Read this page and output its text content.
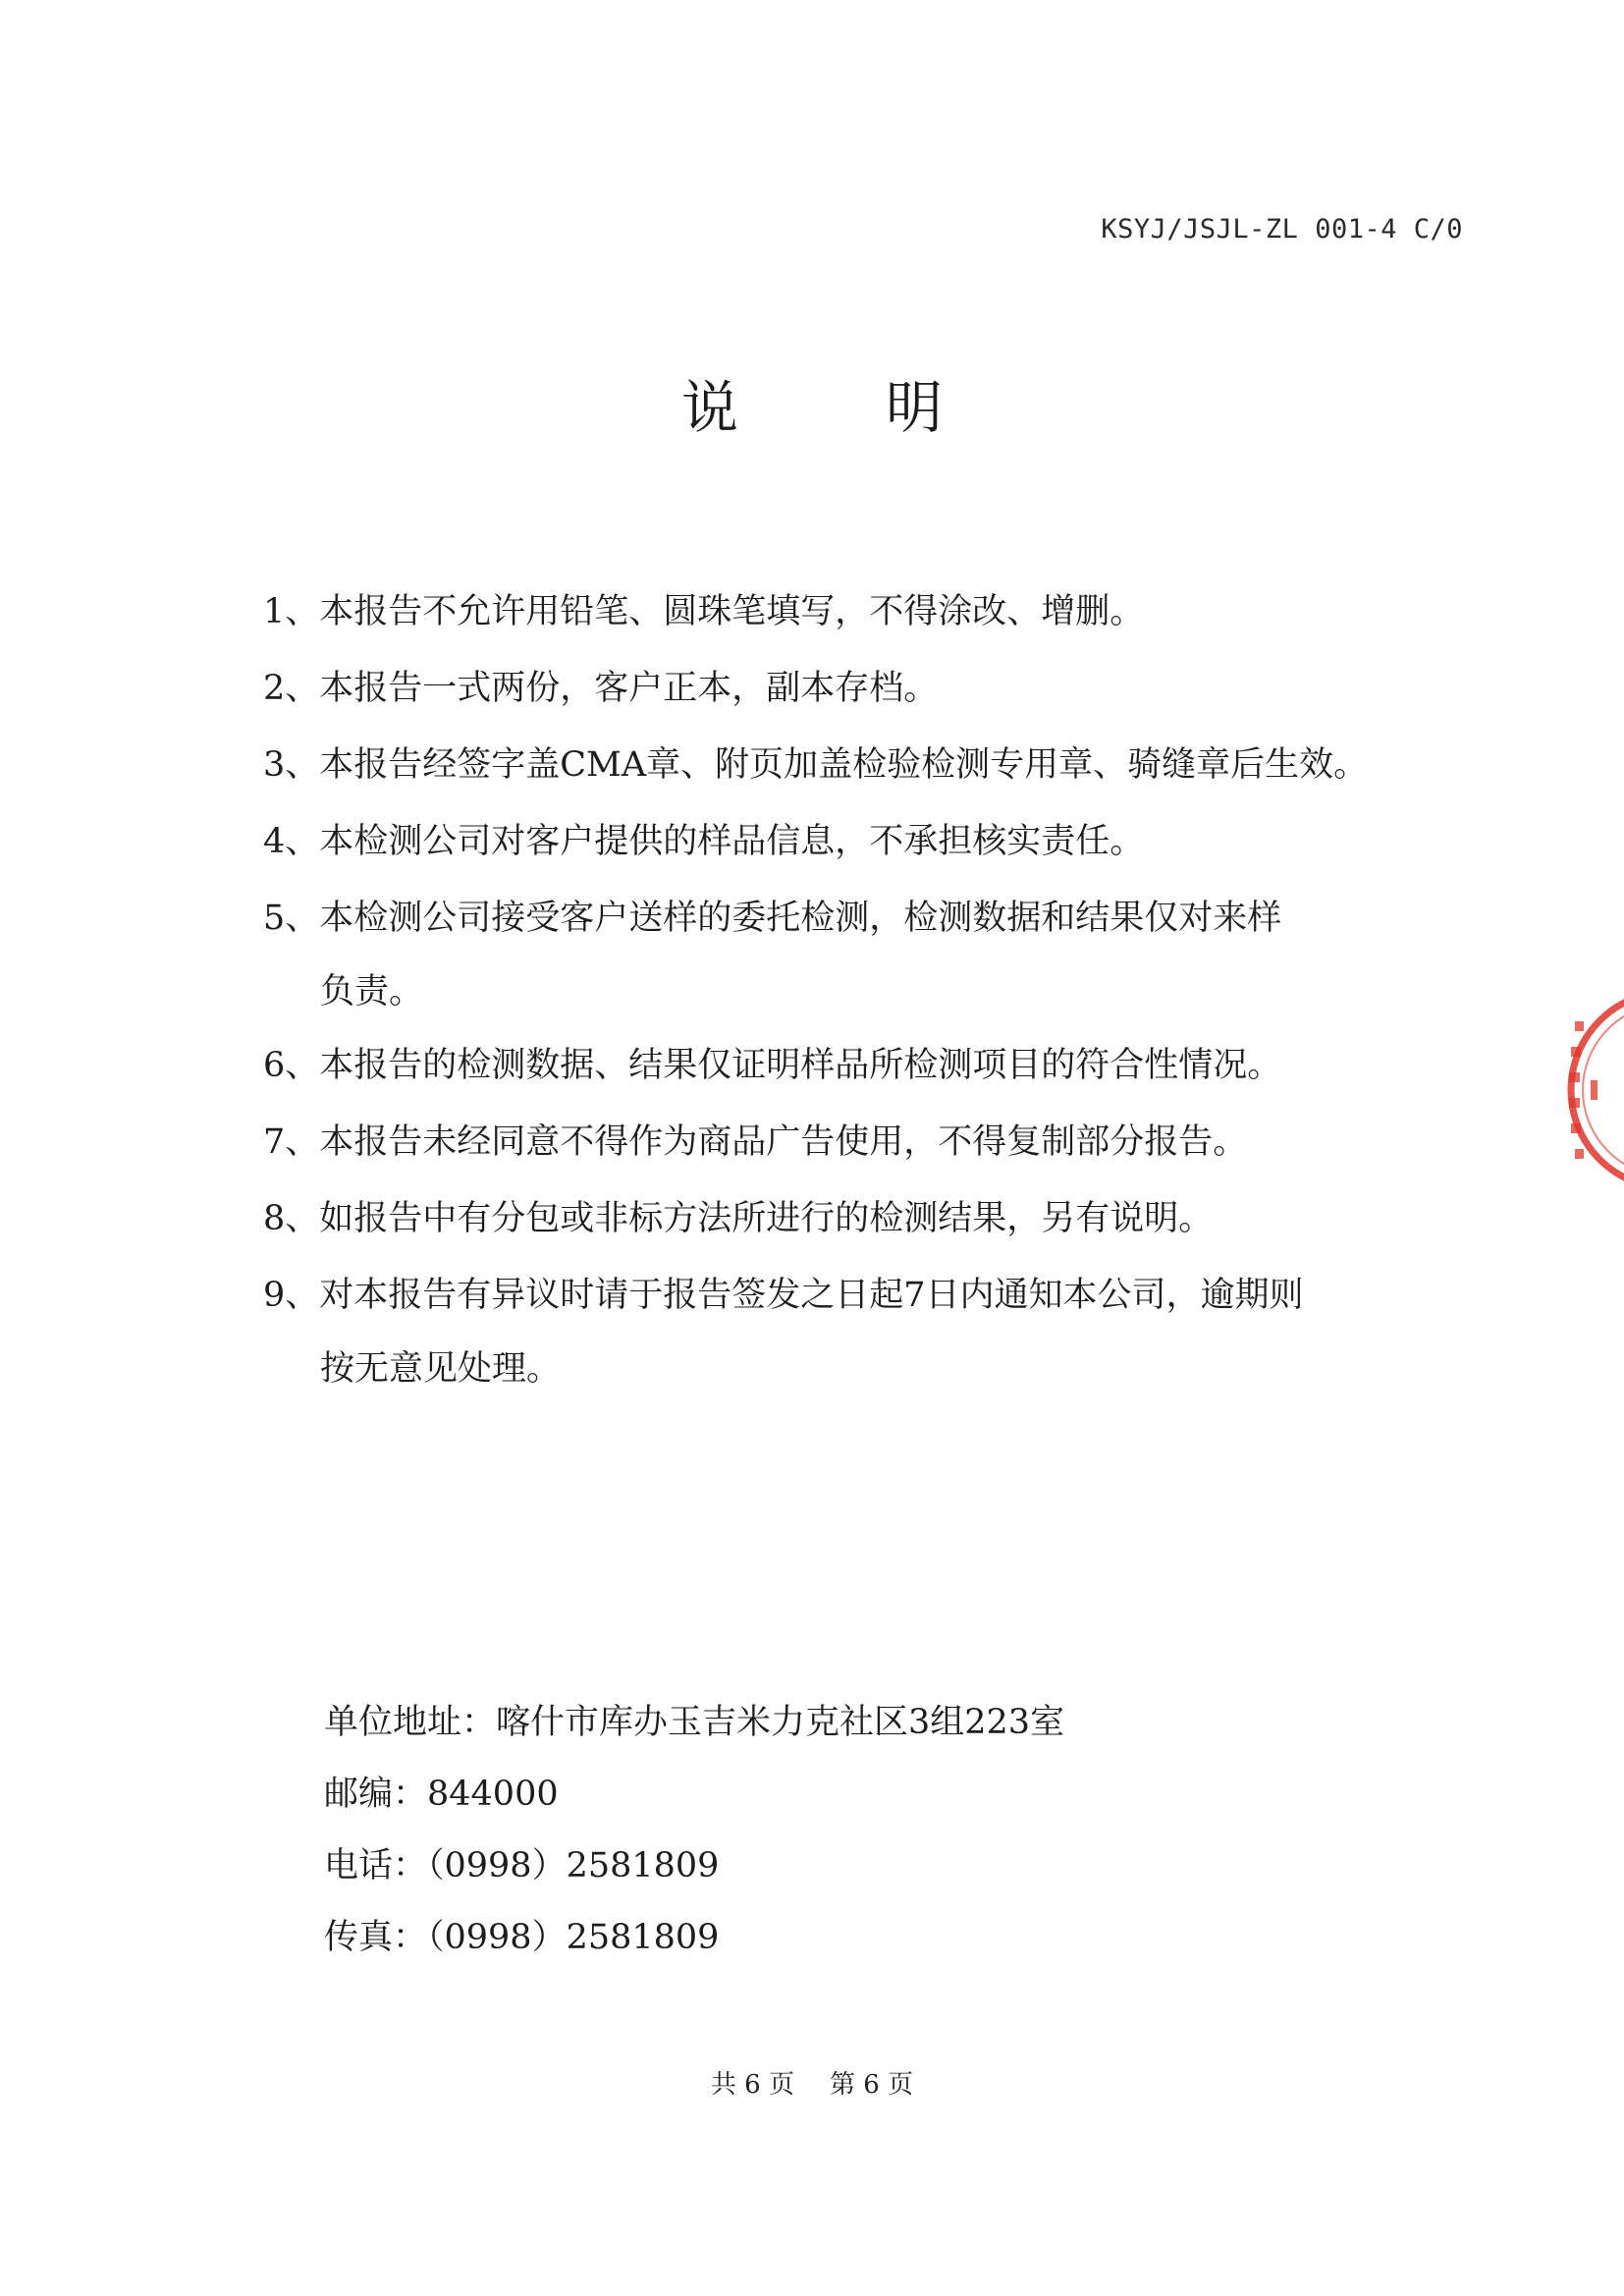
KSYJ/JSJL-ZL 001-4 C/0
说明
1、本报告不允许用铅笔、圆珠笔填写，不得涂改、增删。
2、本报告一式两份，客户正本，副本存档。
3、本报告经签字盖CMA章、附页加盖检验检测专用章、骑缝章后生效。
4、本检测公司对客户提供的样品信息，不承担核实责任。
5、本检测公司接受客户送样的委托检测，检测数据和结果仅对来样
负责。
6、本报告的检测数据、结果仅证明样品所检测项目的符合性情况。
7、本报告未经同意不得作为商品广告使用，不得复制部分报告。
8、如报告中有分包或非标方法所进行的检测结果，另有说明。
9、对本报告有异议时请于报告签发之日起7日内通知本公司，逾期则
按无意见处理。
单位地址：喀什市库办玉吉米力克社区3组223室
邮编：844000
电话：（0998）2581809
传真：（0998）2581809
共 6 页 第 6 页
